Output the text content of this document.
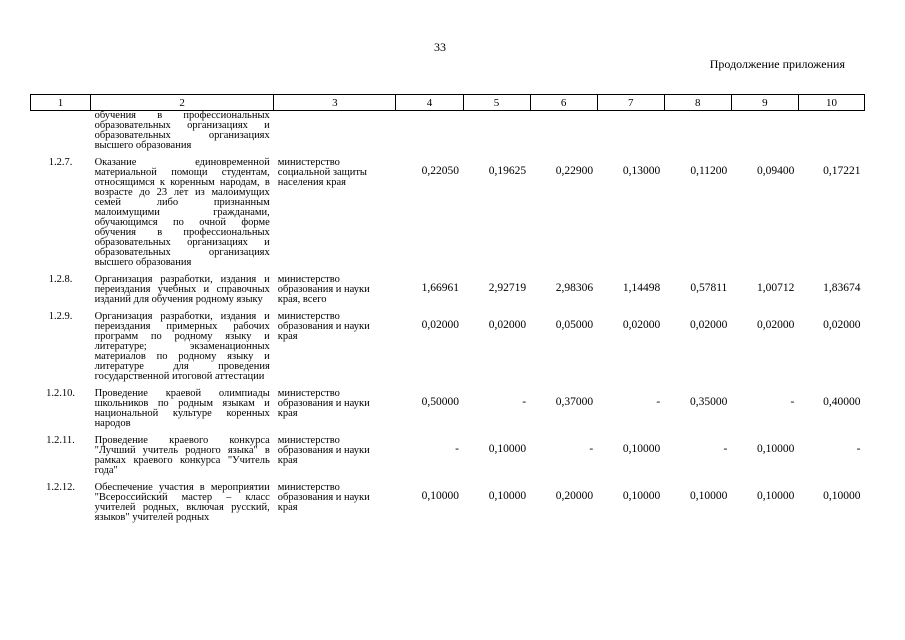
33
Продолжение приложения
1	2	3	4	5	6	7	8	9	10
	обучения в профессиональных образовательных организациях и образовательных организациях высшего образования								
1.2.7.	Оказание единовременной материальной помощи студентам, относящимся к коренным народам, в возрасте до 23 лет из малоимущих семей либо признанным малоимущими гражданами, обучающимся по очной форме обучения в профессиональных образовательных организациях и образовательных организациях высшего образования	министерство социальной защиты населения края	0,22050	0,19625	0,22900	0,13000	0,11200	0,09400	0,17221
1.2.8.	Организация разработки, издания и переиздания учебных и справочных изданий для обучения родному языку	министерство образования и науки края, всего	1,66961	2,92719	2,98306	1,14498	0,57811	1,00712	1,83674
1.2.9.	Организация разработки, издания и переиздания примерных рабочих программ по родному языку и литературе; экзаменационных материалов по родному языку и литературе для проведения государственной итоговой аттестации	министерство образования и науки края	0,02000	0,02000	0,05000	0,02000	0,02000	0,02000	0,02000
1.2.10.	Проведение краевой олимпиады школьников по родным языкам и национальной культуре коренных народов	министерство образования и науки края	0,50000	-	0,37000	-	0,35000	-	0,40000
1.2.11.	Проведение краевого конкурса "Лучший учитель родного языка" в рамках краевого конкурса "Учитель года"	министерство образования и науки края	-	0,10000	-	0,10000	-	0,10000	-
1.2.12.	Обеспечение участия в мероприятии "Всероссийский мастер – класс учителей родных, включая русский, языков" учителей родных	министерство образования и науки края	0,10000	0,10000	0,20000	0,10000	0,10000	0,10000	0,10000
